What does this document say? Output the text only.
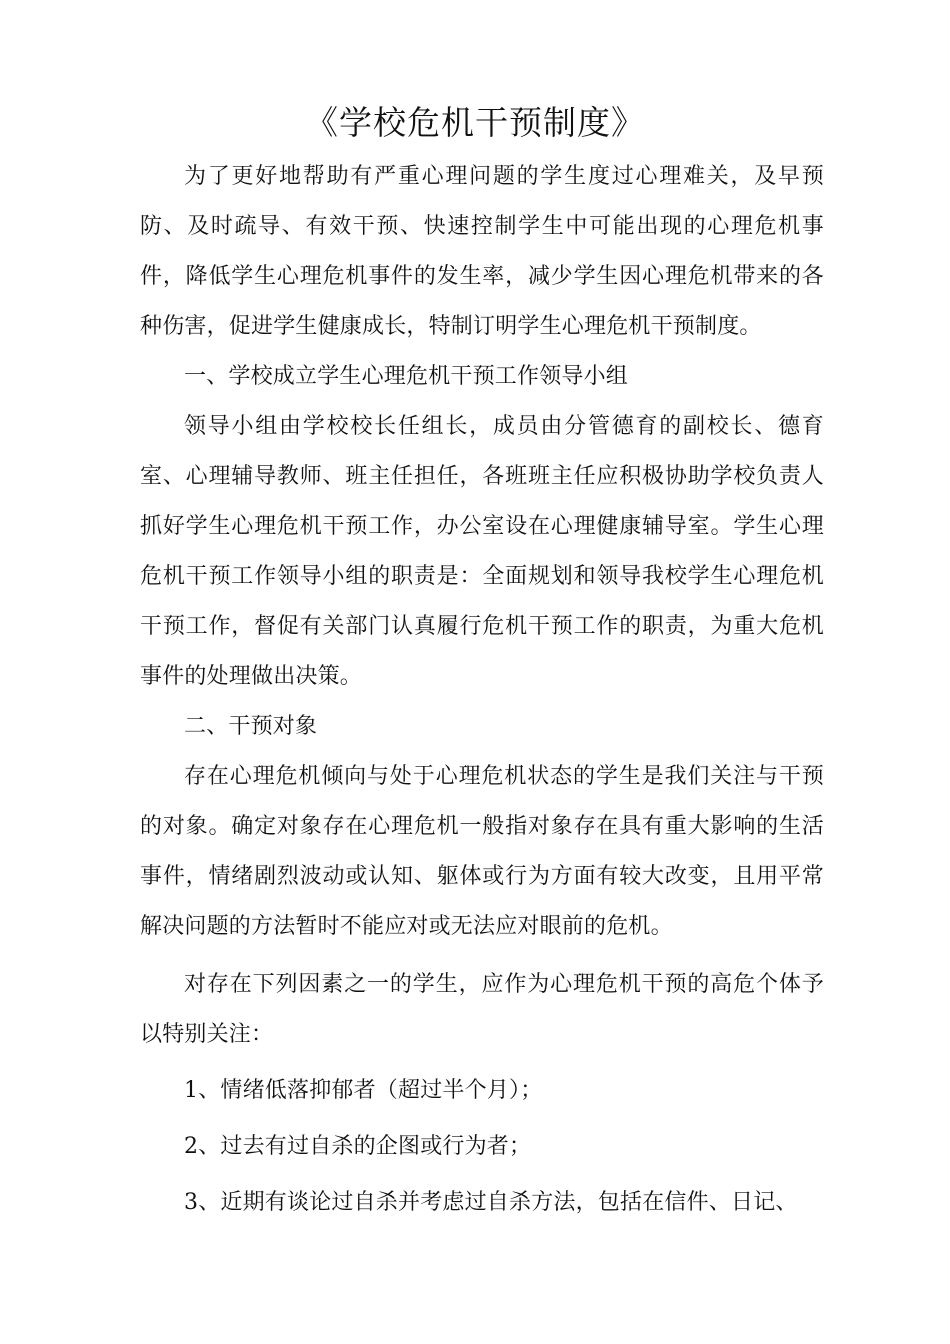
《学校危机干预制度》

为了更好地帮助有严重心理问题的学生度过心理难关，及早预防、及时疏导、有效干预、快速控制学生中可能出现的心理危机事件，降低学生心理危机事件的发生率，减少学生因心理危机带来的各种伤害，促进学生健康成长，特制订明学生心理危机干预制度。

一、学校成立学生心理危机干预工作领导小组

领导小组由学校校长任组长，成员由分管德育的副校长、德育室、心理辅导教师、班主任担任，各班班主任应积极协助学校负责人抓好学生心理危机干预工作，办公室设在心理健康辅导室。学生心理危机干预工作领导小组的职责是：全面规划和领导我校学生心理危机干预工作，督促有关部门认真履行危机干预工作的职责，为重大危机事件的处理做出决策。

二、干预对象

存在心理危机倾向与处于心理危机状态的学生是我们关注与干预的对象。确定对象存在心理危机一般指对象存在具有重大影响的生活事件，情绪剧烈波动或认知、躯体或行为方面有较大改变，且用平常解决问题的方法暂时不能应对或无法应对眼前的危机。

对存在下列因素之一的学生，应作为心理危机干预的高危个体予以特别关注：

1、情绪低落抑郁者（超过半个月）；

2、过去有过自杀的企图或行为者；

3、近期有谈论过自杀并考虑过自杀方法，包括在信件、日记、
